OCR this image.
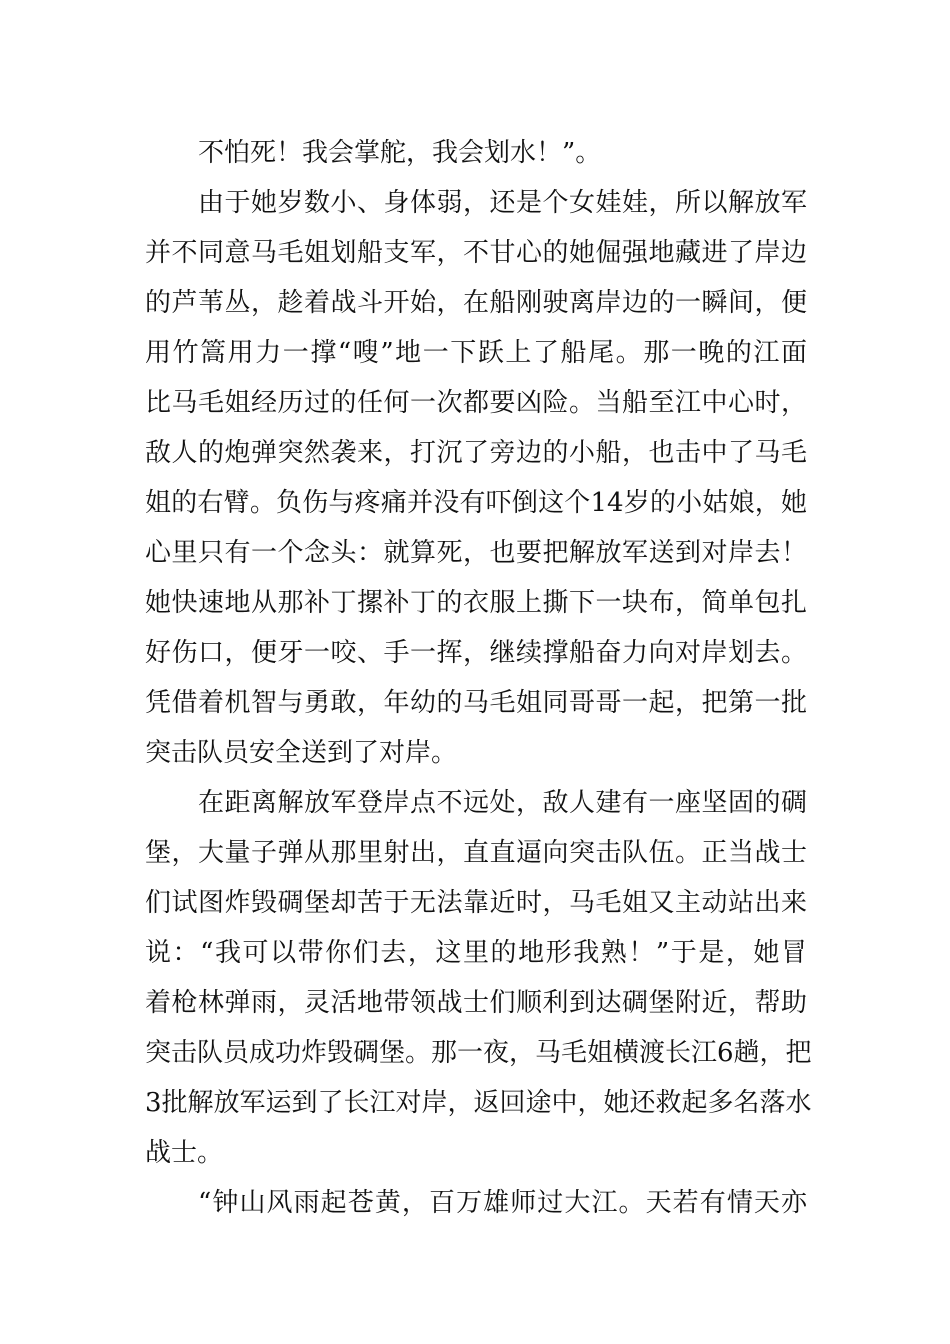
不怕死！我会掌舵，我会划水！”。
由于她岁数小、身体弱，还是个女娃娃，所以解放军
并不同意马毛姐划船支军，不甘心的她倔强地藏进了岸边
的芦苇丛，趁着战斗开始，在船刚驶离岸边的一瞬间，便
用竹篙用力一撑“嗖”地一下跃上了船尾。那一晚的江面
比马毛姐经历过的任何一次都要凶险。当船至江中心时，
敌人的炮弹突然袭来，打沉了旁边的小船，也击中了马毛
姐的右臂。负伤与疼痛并没有吓倒这个14岁的小姑娘，她
心里只有一个念头：就算死，也要把解放军送到对岸去！
她快速地从那补丁摞补丁的衣服上撕下一块布，简单包扎
好伤口，便牙一咬、手一挥，继续撑船奋力向对岸划去。
凭借着机智与勇敢，年幼的马毛姐同哥哥一起，把第一批
突击队员安全送到了对岸。
在距离解放军登岸点不远处，敌人建有一座坚固的碉
堡，大量子弹从那里射出，直直逼向突击队伍。正当战士
们试图炸毁碉堡却苦于无法靠近时，马毛姐又主动站出来
说：“我可以带你们去，这里的地形我熟！”于是，她冒
着枪林弹雨，灵活地带领战士们顺利到达碉堡附近，帮助
突击队员成功炸毁碉堡。那一夜，马毛姐横渡长江6趟，把
3批解放军运到了长江对岸，返回途中，她还救起多名落水
战士。
“钟山风雨起苍黄，百万雄师过大江。天若有情天亦
